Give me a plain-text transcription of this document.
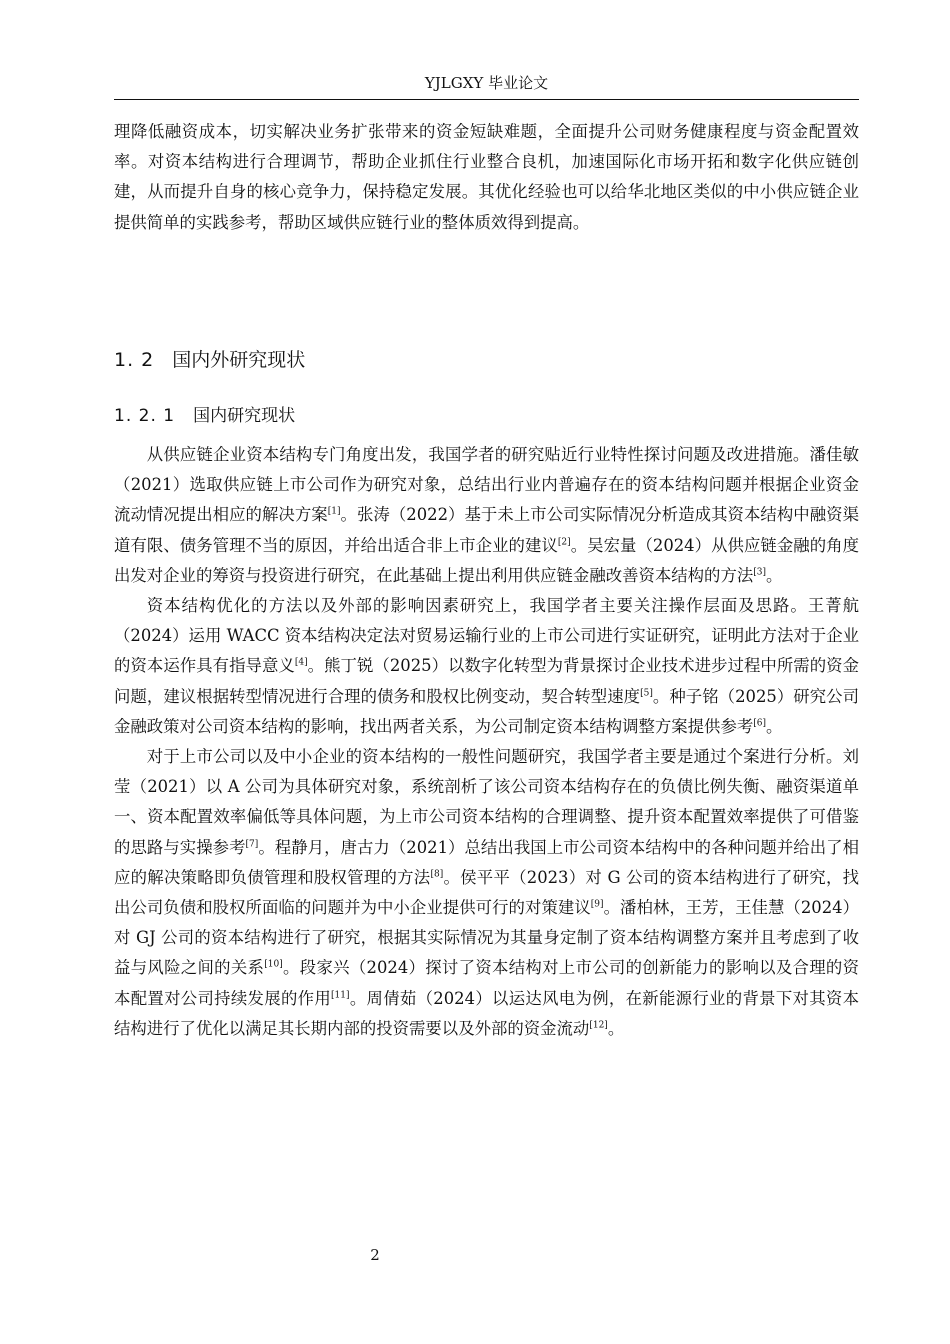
YJLGXY 毕业论文

理降低融资成本，切实解决业务扩张带来的资金短缺难题，全面提升公司财务健康程度与资金配置效率。对资本结构进行合理调节，帮助企业抓住行业整合良机，加速国际化市场开拓和数字化供应链创建，从而提升自身的核心竞争力，保持稳定发展。其优化经验也可以给华北地区类似的中小供应链企业提供简单的实践参考，帮助区域供应链行业的整体质效得到提高。

1. 2 国内外研究现状
1. 2. 1 国内研究现状

从供应链企业资本结构专门角度出发，我国学者的研究贴近行业特性探讨问题及改进措施。潘佳敏（2021）选取供应链上市公司作为研究对象，总结出行业内普遍存在的资本结构问题并根据企业资金流动情况提出相应的解决方案[1]。张涛（2022）基于未上市公司实际情况分析造成其资本结构中融资渠道有限、债务管理不当的原因，并给出适合非上市企业的建议[2]。吴宏量（2024）从供应链金融的角度出发对企业的筹资与投资进行研究，在此基础上提出利用供应链金融改善资本结构的方法[3]。

资本结构优化的方法以及外部的影响因素研究上，我国学者主要关注操作层面及思路。王菁航（2024）运用 WACC 资本结构决定法对贸易运输行业的上市公司进行实证研究，证明此方法对于企业的资本运作具有指导意义[4]。熊丁锐（2025）以数字化转型为背景探讨企业技术进步过程中所需的资金问题，建议根据转型情况进行合理的债务和股权比例变动，契合转型速度[5]。种子铭（2025）研究公司金融政策对公司资本结构的影响，找出两者关系，为公司制定资本结构调整方案提供参考[6]。

对于上市公司以及中小企业的资本结构的一般性问题研究，我国学者主要是通过个案进行分析。刘莹（2021）以 A 公司为具体研究对象，系统剖析了该公司资本结构存在的负债比例失衡、融资渠道单一、资本配置效率偏低等具体问题，为上市公司资本结构的合理调整、提升资本配置效率提供了可借鉴的思路与实操参考[7]。程静月，唐古力（2021）总结出我国上市公司资本结构中的各种问题并给出了相应的解决策略即负债管理和股权管理的方法[8]。侯平平（2023）对 G 公司的资本结构进行了研究，找出公司负债和股权所面临的问题并为中小企业提供可行的对策建议[9]。潘柏林，王芳，王佳慧（2024）对 GJ 公司的资本结构进行了研究，根据其实际情况为其量身定制了资本结构调整方案并且考虑到了收益与风险之间的关系[10]。段家兴（2024）探讨了资本结构对上市公司的创新能力的影响以及合理的资本配置对公司持续发展的作用[11]。周倩茹（2024）以运达风电为例，在新能源行业的背景下对其资本结构进行了优化以满足其长期内部的投资需要以及外部的资金流动[12]。

2
